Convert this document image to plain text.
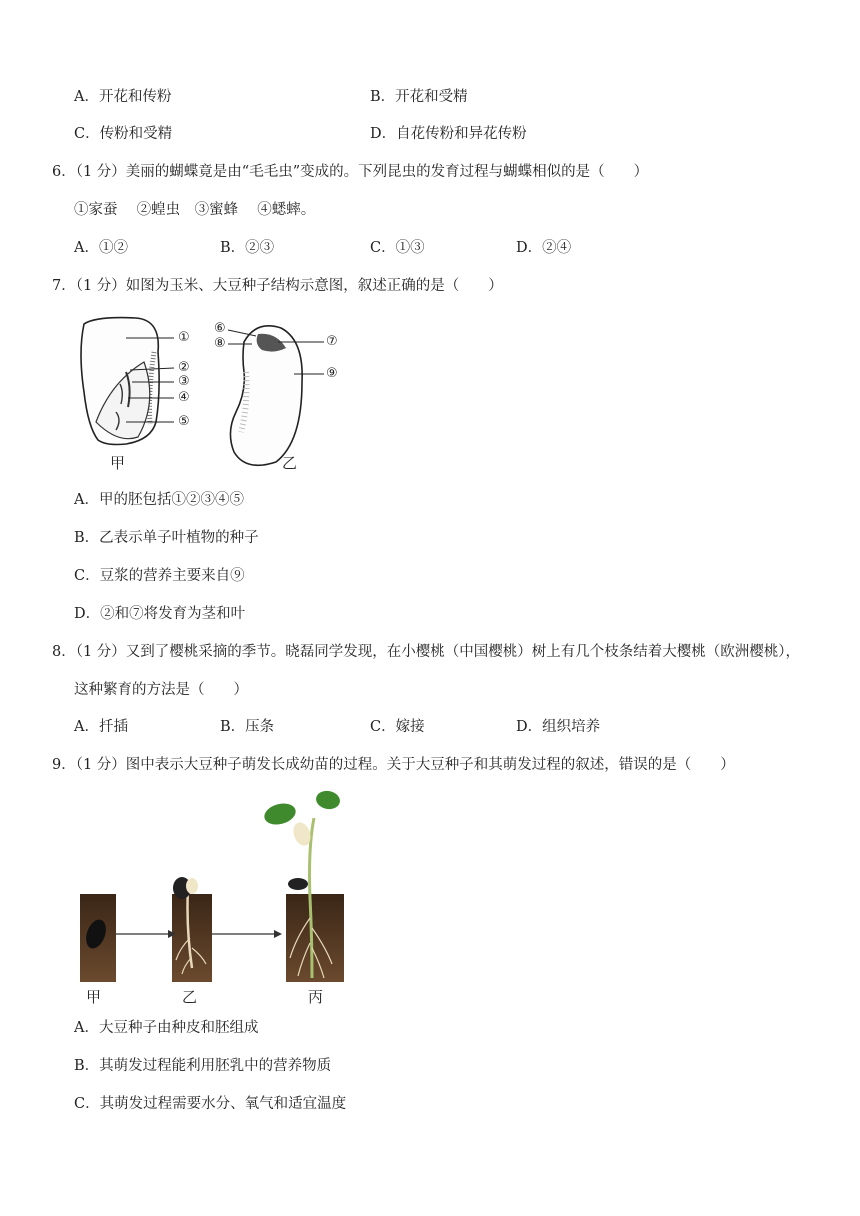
A．开花和传粉	B．开花和受精
C．传粉和受精	D．自花传粉和异花传粉
6．（1 分）美丽的蝴蝶竟是由“毛毛虫”变成的。下列昆虫的发育过程与蝴蝶相似的是（　　）
①家蚕　 ②蝗虫　③蜜蜂　 ④蟋蟀。
A．①②	B．②③	C．①③	D．②④
7．（1 分）如图为玉米、大豆种子结构示意图，叙述正确的是（　　）
①
②
③
④
⑤
⑥
⑧	⑦
⑨
甲	乙
A．甲的胚包括①②③④⑤
B．乙表示单子叶植物的种子
C．豆浆的营养主要来自⑨
D．②和⑦将发育为茎和叶
8．（1 分）又到了樱桃采摘的季节。晓磊同学发现，在小樱桃（中国樱桃）树上有几个枝条结着大樱桃（欧洲樱桃），
这种繁育的方法是（　　）
A．扦插	B．压条	C．嫁接	D．组织培养
9．（1 分）图中表示大豆种子萌发长成幼苗的过程。关于大豆种子和其萌发过程的叙述，错误的是（　　）
甲	乙	丙
A．大豆种子由种皮和胚组成
B．其萌发过程能利用胚乳中的营养物质
C．其萌发过程需要水分、氧气和适宜温度
